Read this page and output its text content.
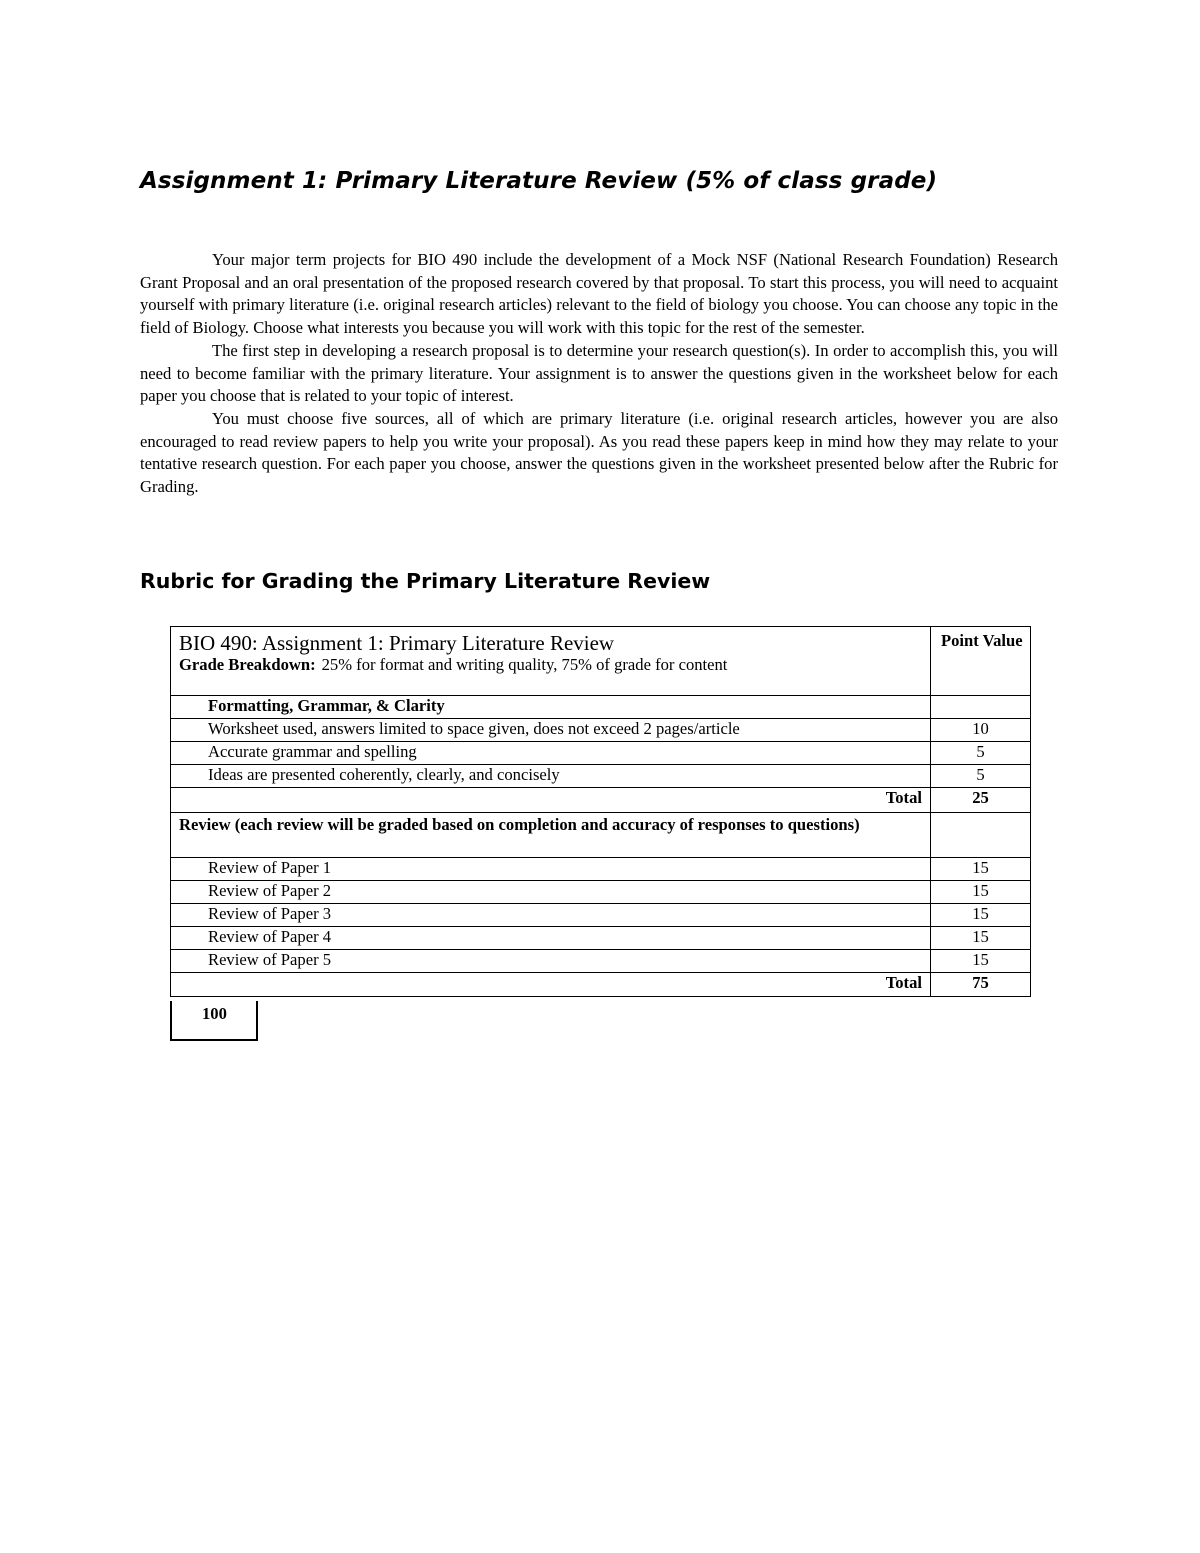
Assignment 1: Primary Literature Review (5% of class grade)

Your major term projects for BIO 490 include the development of a Mock NSF (National Research Foundation) Research Grant Proposal and an oral presentation of the proposed research covered by that proposal. To start this process, you will need to acquaint yourself with primary literature (i.e. original research articles) relevant to the field of biology you choose. You can choose any topic in the field of Biology. Choose what interests you because you will work with this topic for the rest of the semester.

The first step in developing a research proposal is to determine your research question(s). In order to accomplish this, you will need to become familiar with the primary literature. Your assignment is to answer the questions given in the worksheet below for each paper you choose that is related to your topic of interest.

You must choose five sources, all of which are primary literature (i.e. original research articles, however you are also encouraged to read review papers to help you write your proposal). As you read these papers keep in mind how they may relate to your tentative research question. For each paper you choose, answer the questions given in the worksheet presented below after the Rubric for Grading.

Rubric for Grading the Primary Literature Review
BIO 490: Assignment 1: Primary Literature Review
Grade Breakdown: 25% for format and writing quality, 75% of grade for content	Point Value
Formatting, Grammar, & Clarity	
Worksheet used, answers limited to space given, does not exceed 2 pages/article	10
Accurate grammar and spelling	5
Ideas are presented coherently, clearly, and concisely	5
Total	25
Review (each review will be graded based on completion and accuracy of responses to questions)	
Review of Paper 1	15
Review of Paper 2	15
Review of Paper 3	15
Review of Paper 4	15
Review of Paper 5	15
Total	75
100
